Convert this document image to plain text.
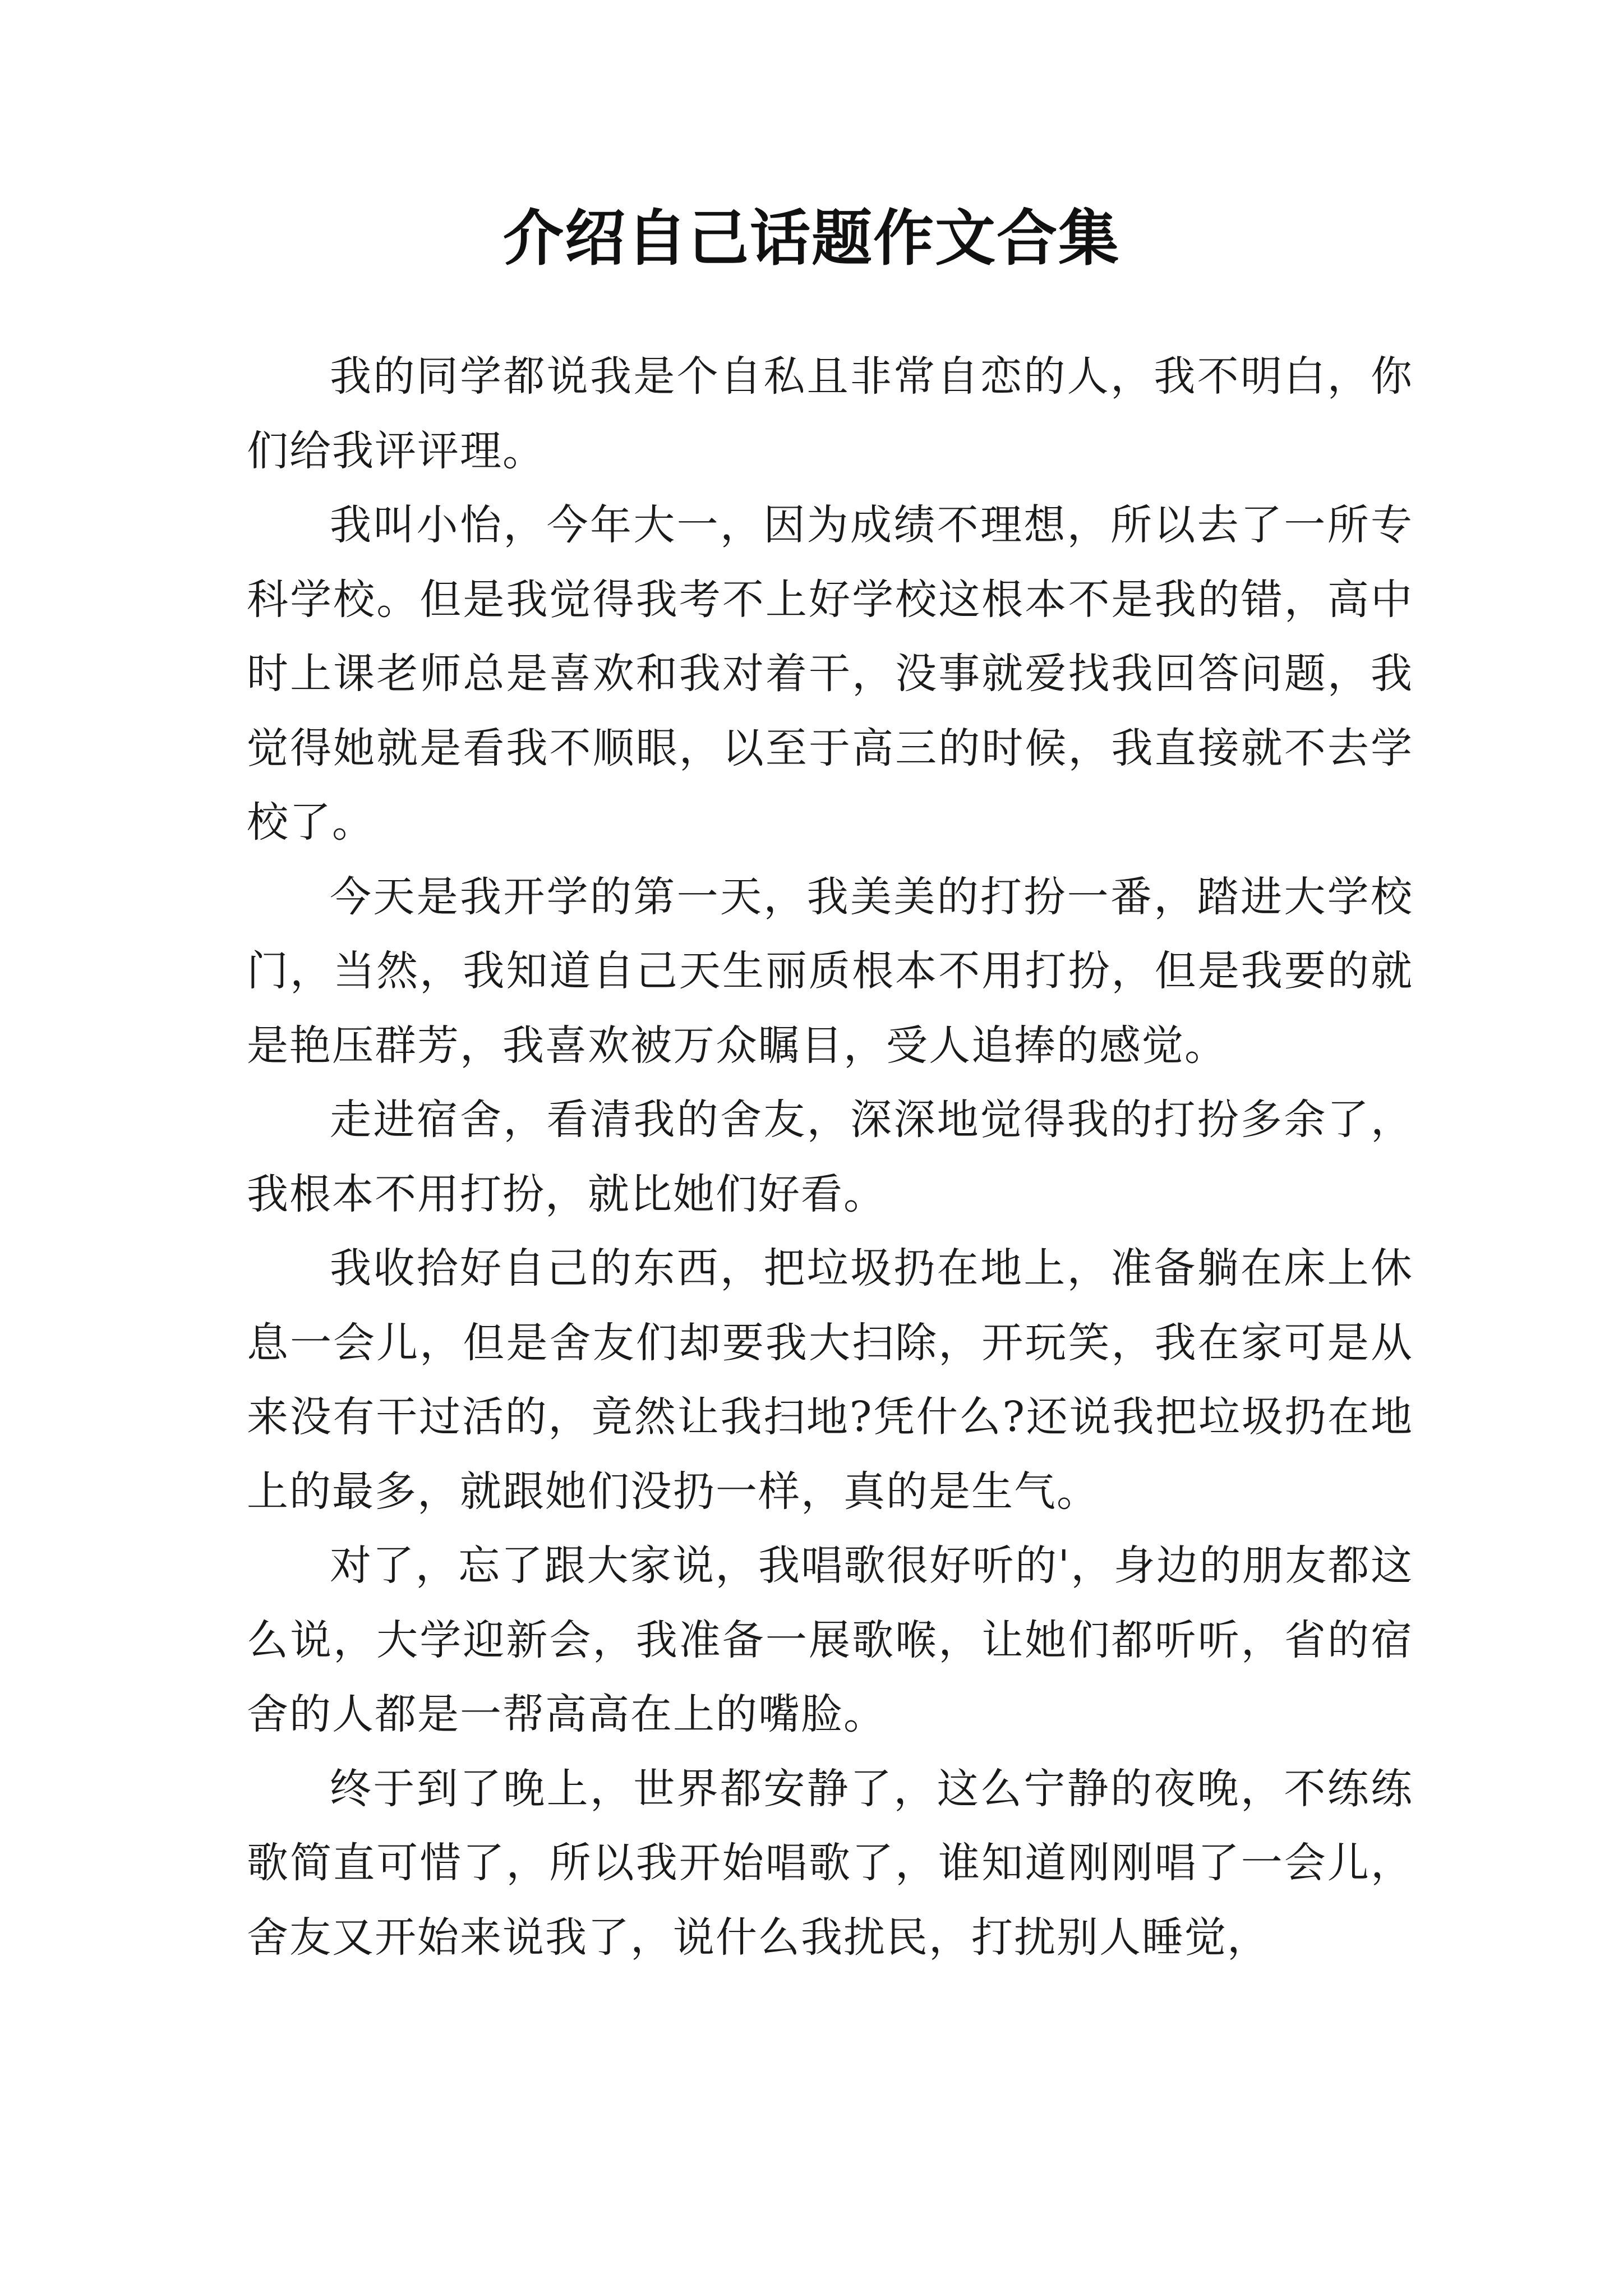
介绍自己话题作文合集

我的同学都说我是个自私且非常自恋的人，我不明白，你们给我评评理。

我叫小怡，今年大一，因为成绩不理想，所以去了一所专科学校。但是我觉得我考不上好学校这根本不是我的错，高中时上课老师总是喜欢和我对着干，没事就爱找我回答问题，我觉得她就是看我不顺眼，以至于高三的时候，我直接就不去学校了。

今天是我开学的第一天，我美美的打扮一番，踏进大学校门，当然，我知道自己天生丽质根本不用打扮，但是我要的就是艳压群芳，我喜欢被万众瞩目，受人追捧的感觉。

走进宿舍，看清我的舍友，深深地觉得我的打扮多余了，我根本不用打扮，就比她们好看。

我收拾好自己的东西，把垃圾扔在地上，准备躺在床上休息一会儿，但是舍友们却要我大扫除，开玩笑，我在家可是从来没有干过活的，竟然让我扫地?凭什么?还说我把垃圾扔在地上的最多，就跟她们没扔一样，真的是生气。

对了，忘了跟大家说，我唱歌很好听的'，身边的朋友都这么说，大学迎新会，我准备一展歌喉，让她们都听听，省的宿舍的人都是一帮高高在上的嘴脸。

终于到了晚上，世界都安静了，这么宁静的夜晚，不练练歌简直可惜了，所以我开始唱歌了，谁知道刚刚唱了一会儿，舍友又开始来说我了，说什么我扰民，打扰别人睡觉，
